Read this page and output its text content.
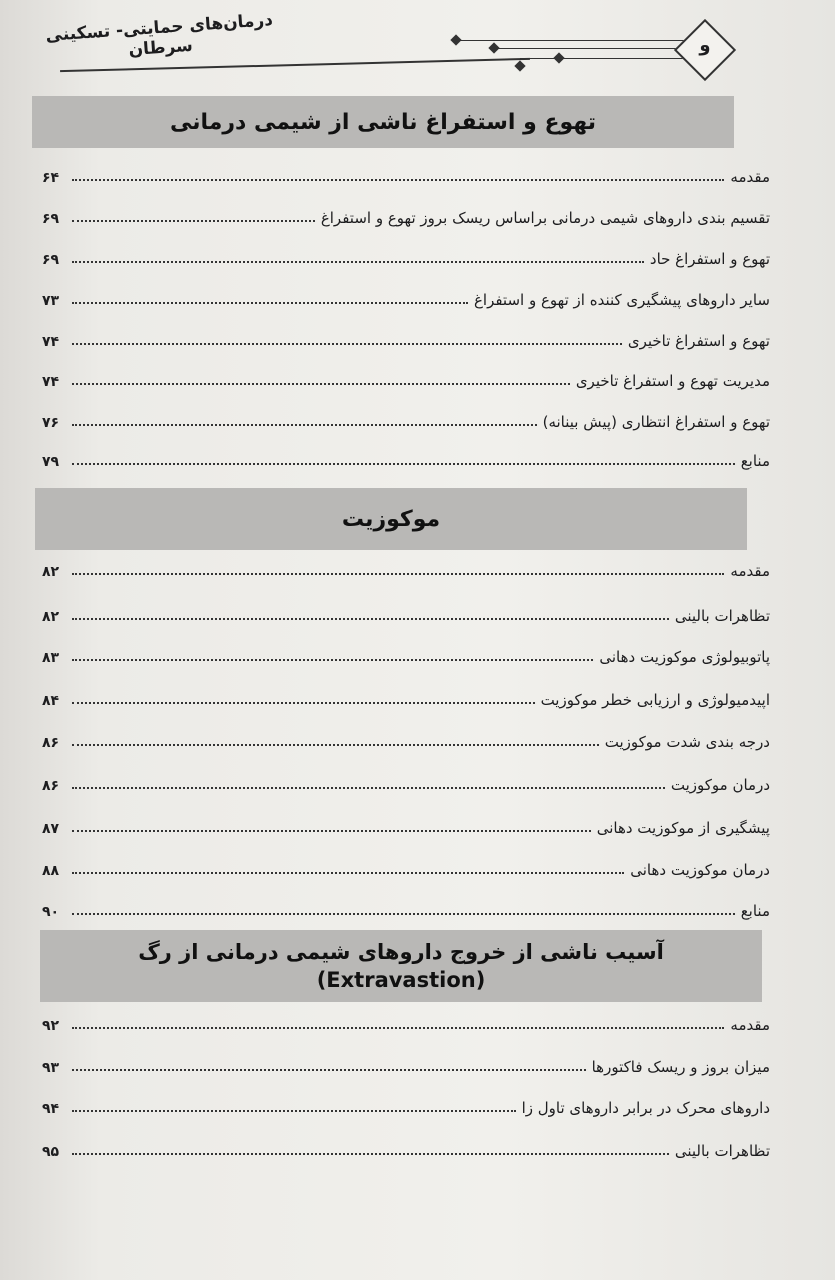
درمان‌های حمایتی- تسکینی سرطان	و
تهوع و استفراغ ناشی از شیمی درمانی
مقدمه
۶۴
تقسیم بندی داروهای شیمی درمانی براساس ریسک بروز تهوع و استفراغ
۶۹
تهوع و استفراغ حاد
۶۹
سایر داروهای پیشگیری کننده از تهوع و استفراغ
۷۳
تهوع و استفراغ تاخیری
۷۴
مدیریت تهوع و استفراغ تاخیری
۷۴
تهوع و استفراغ انتظاری (پیش بینانه)
۷۶
منابع
۷۹
موکوزیت
مقدمه
۸۲
تظاهرات بالینی
۸۲
پاتوبیولوژی موکوزیت دهانی
۸۳
اپیدمیولوژی و ارزیابی خطر موکوزیت
۸۴
درجه بندی شدت موکوزیت
۸۶
درمان موکوزیت
۸۶
پیشگیری از موکوزیت دهانی
۸۷
درمان موکوزیت دهانی
۸۸
منابع
۹۰
آسیب ناشی از خروج داروهای شیمی درمانی از رگ
(Extravastion)
مقدمه
۹۲
میزان بروز و ریسک فاکتورها
۹۳
داروهای محرک در برابر داروهای تاول زا
۹۴
تظاهرات بالینی
۹۵
